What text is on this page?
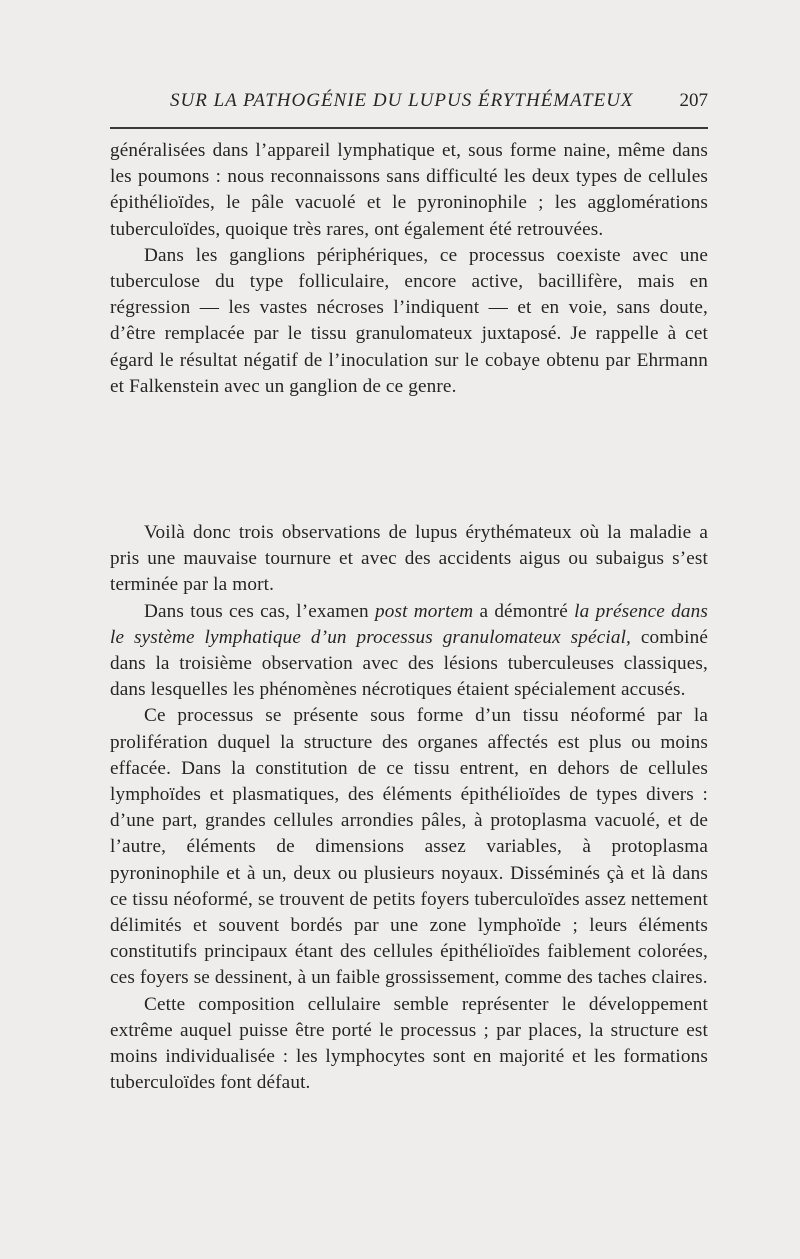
SUR LA PATHOGÉNIE DU LUPUS ÉRYTHÉMATEUX 207

généralisées dans l’appareil lymphatique et, sous forme naine, même dans les poumons : nous reconnaissons sans difficulté les deux types de cellules épithélioïdes, le pâle vacuolé et le pyroninophile ; les agglomérations tuberculoïdes, quoique très rares, ont également été retrouvées.

Dans les ganglions périphériques, ce processus coexiste avec une tuberculose du type folliculaire, encore active, bacillifère, mais en régression — les vastes nécroses l’indiquent — et en voie, sans doute, d’être remplacée par le tissu granulomateux juxtaposé. Je rappelle à cet égard le résultat négatif de l’inoculation sur le cobaye obtenu par Ehrmann et Falkenstein avec un ganglion de ce genre.

Voilà donc trois observations de lupus érythémateux où la maladie a pris une mauvaise tournure et avec des accidents aigus ou subaigus s’est terminée par la mort.

Dans tous ces cas, l’examen post mortem a démontré la présence dans le système lymphatique d’un processus granulomateux spécial, combiné dans la troisième observation avec des lésions tuberculeuses classiques, dans lesquelles les phénomènes nécrotiques étaient spécialement accusés.

Ce processus se présente sous forme d’un tissu néoformé par la prolifération duquel la structure des organes affectés est plus ou moins effacée. Dans la constitution de ce tissu entrent, en dehors de cellules lymphoïdes et plasmatiques, des éléments épithélioïdes de types divers : d’une part, grandes cellules arrondies pâles, à protoplasma vacuolé, et de l’autre, éléments de dimensions assez variables, à protoplasma pyroninophile et à un, deux ou plusieurs noyaux. Disséminés çà et là dans ce tissu néoformé, se trouvent de petits foyers tuberculoïdes assez nettement délimités et souvent bordés par une zone lymphoïde ; leurs éléments constitutifs principaux étant des cellules épithélioïdes faiblement colorées, ces foyers se dessinent, à un faible grossissement, comme des taches claires.

Cette composition cellulaire semble représenter le développement extrême auquel puisse être porté le processus ; par places, la structure est moins individualisée : les lymphocytes sont en majorité et les formations tuberculoïdes font défaut.
